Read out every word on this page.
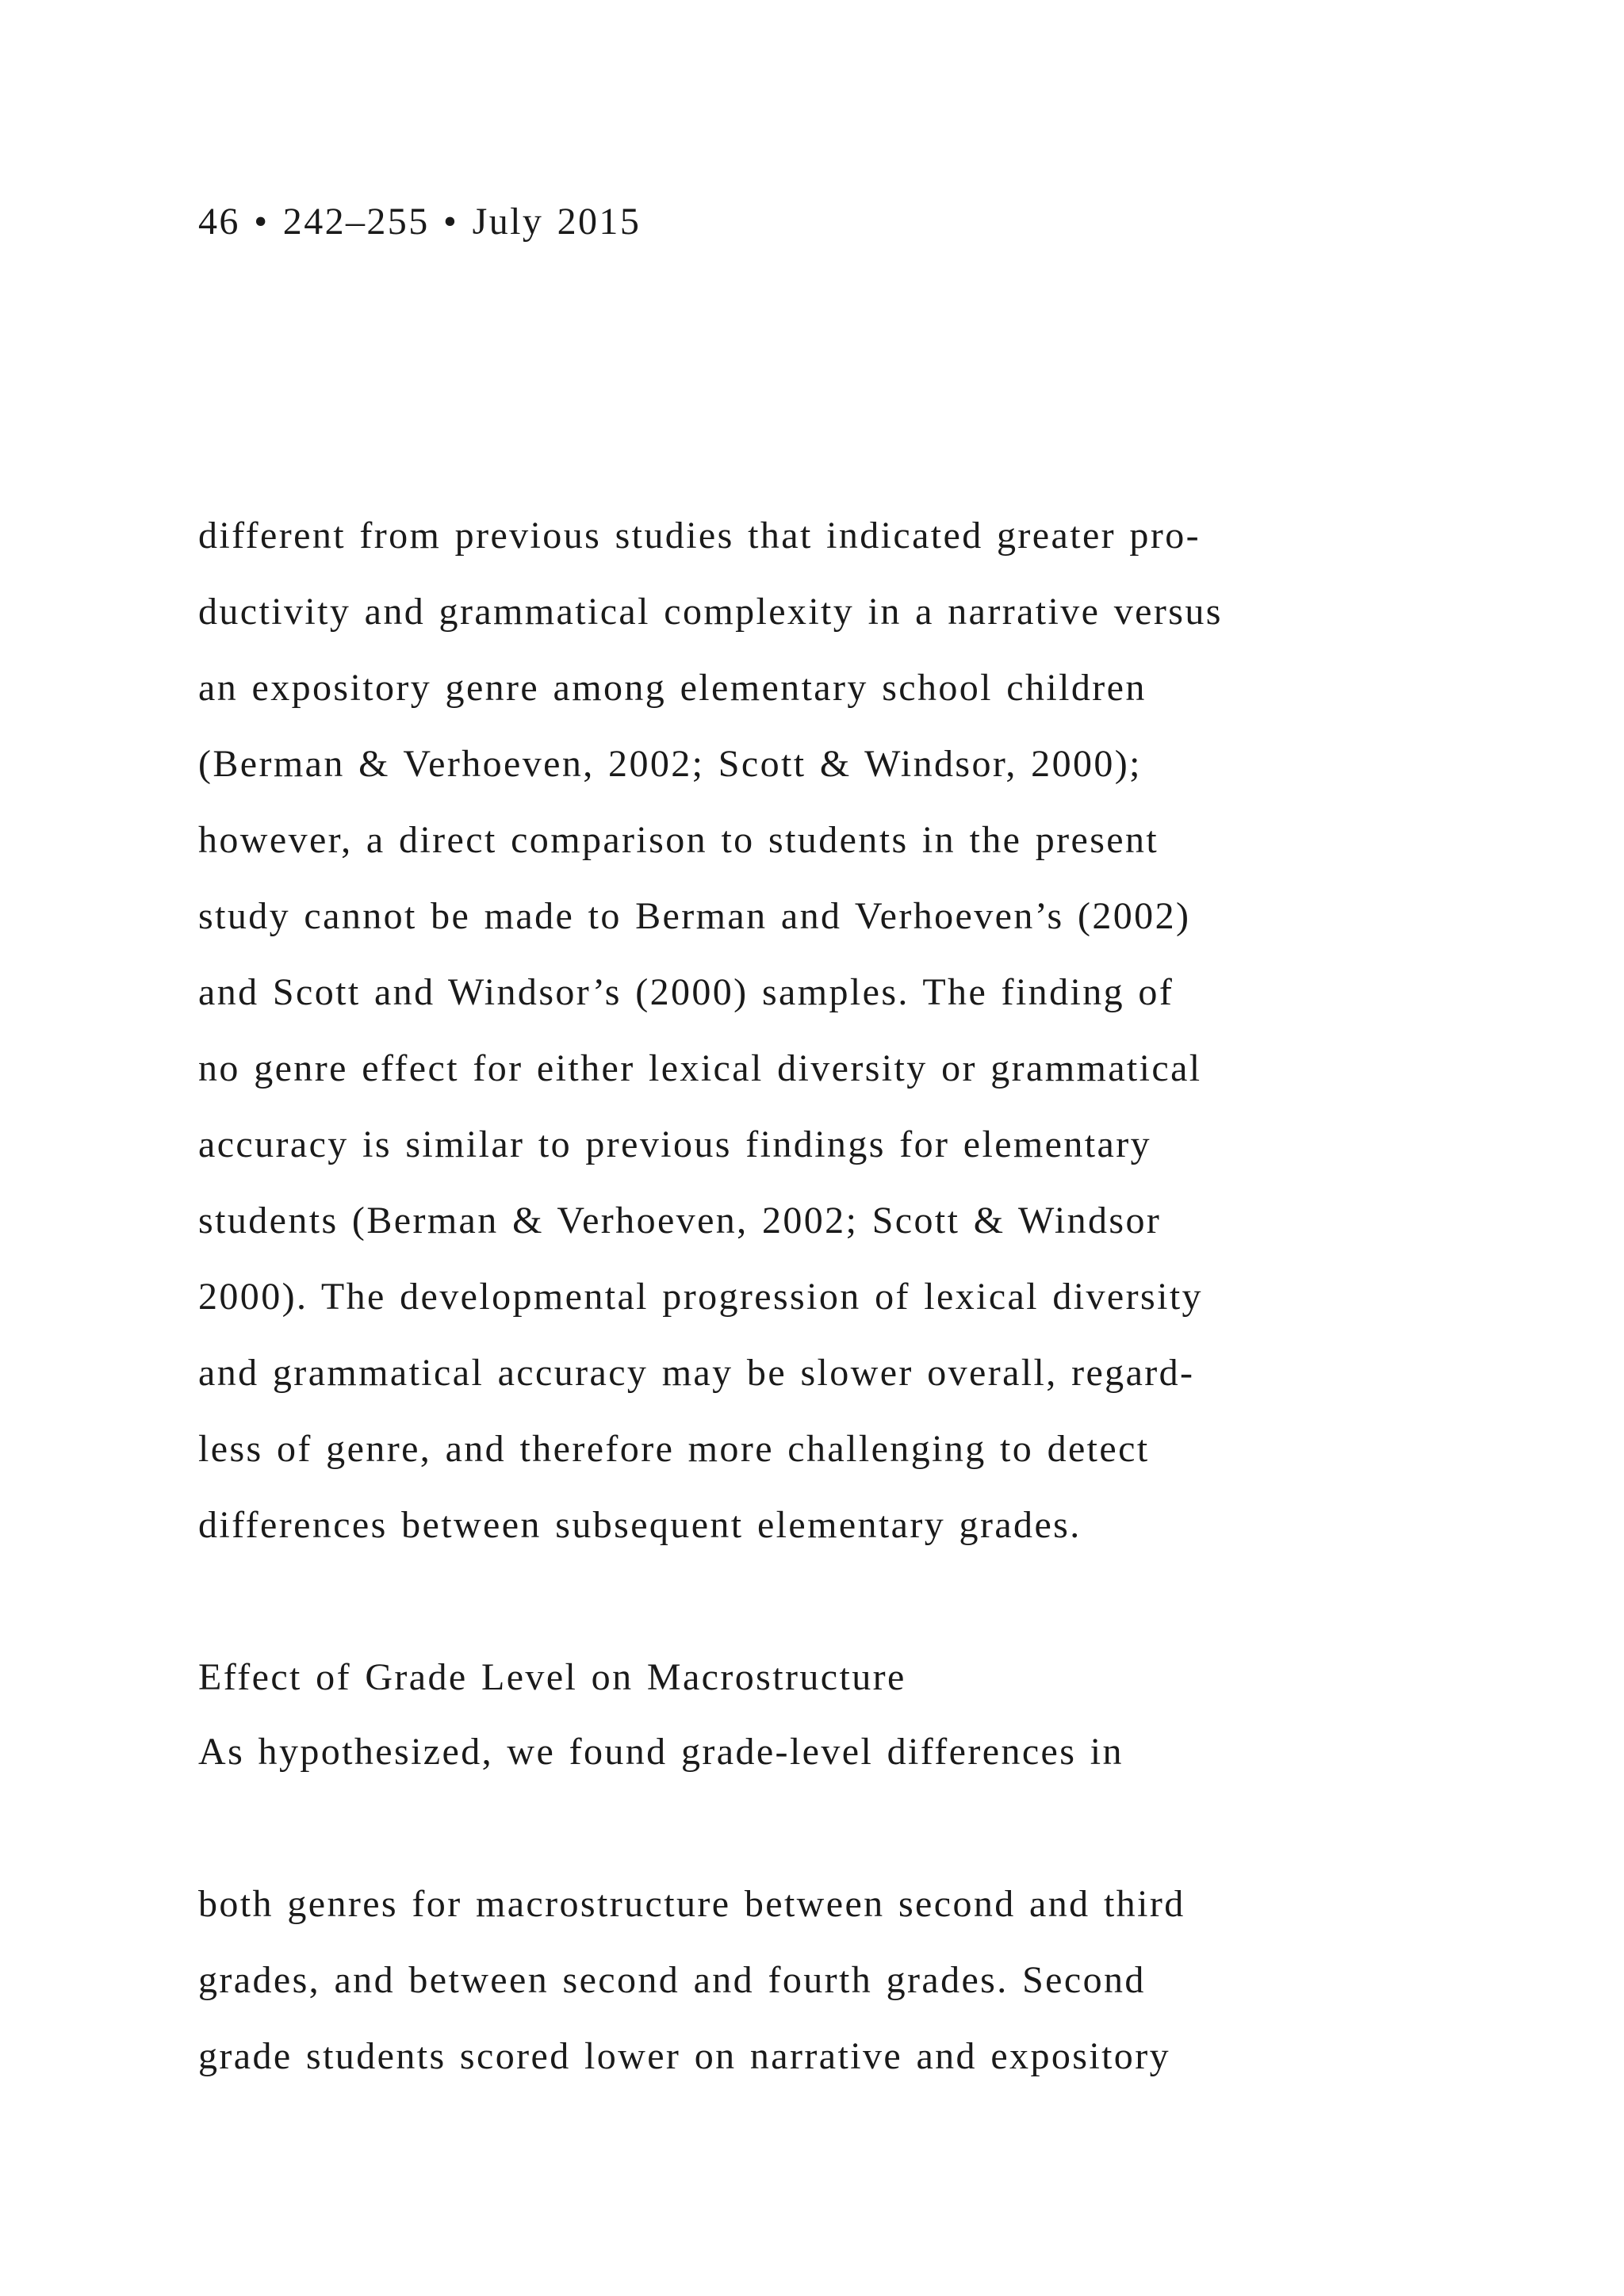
46 • 242–255 • July 2015

different from previous studies that indicated greater pro-

ductivity and grammatical complexity in a narrative versus

an expository genre among elementary school children

(Berman & Verhoeven, 2002; Scott & Windsor, 2000);

however, a direct comparison to students in the present

study cannot be made to Berman and Verhoeven’s (2002)

and Scott and Windsor’s (2000) samples. The finding of

no genre effect for either lexical diversity or grammatical

accuracy is similar to previous findings for elementary

students (Berman & Verhoeven, 2002; Scott & Windsor

2000). The developmental progression of lexical diversity

and grammatical accuracy may be slower overall, regard-

less of genre, and therefore more challenging to detect

differences between subsequent elementary grades.

Effect of Grade Level on Macrostructure

As hypothesized, we found grade-level differences in

both genres for macrostructure between second and third

grades, and between second and fourth grades. Second

grade students scored lower on narrative and expository
